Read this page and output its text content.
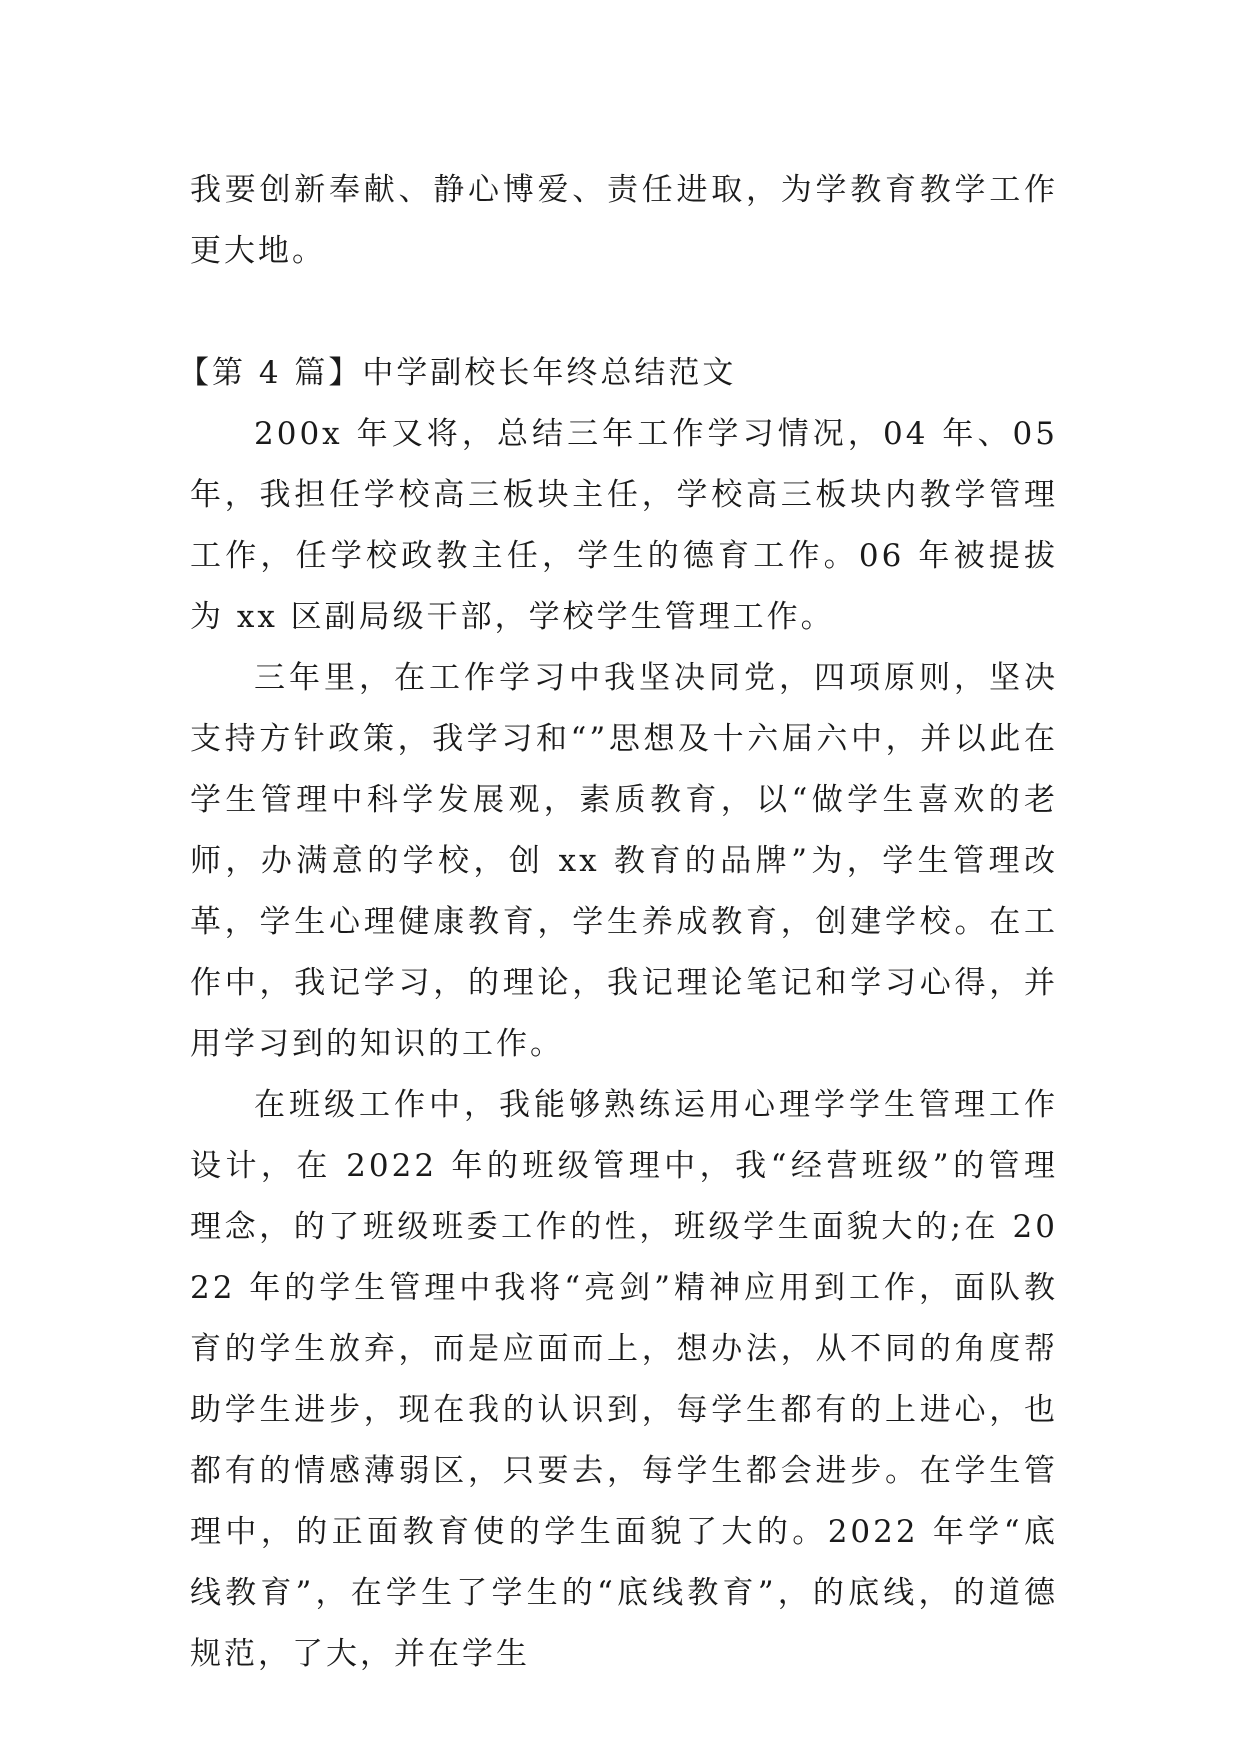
我要创新奉献、静心博爱、责任进取，为学教育教学工作更大地。

【第 4 篇】中学副校长年终总结范文

200x 年又将，总结三年工作学习情况，04 年、05 年，我担任学校高三板块主任，学校高三板块内教学管理工作，任学校政教主任，学生的德育工作。06 年被提拔为 xx 区副局级干部，学校学生管理工作。

三年里，在工作学习中我坚决同党，四项原则，坚决支持方针政策，我学习和“”思想及十六届六中，并以此在学生管理中科学发展观，素质教育，以“做学生喜欢的老师，办满意的学校，创 xx 教育的品牌”为，学生管理改革，学生心理健康教育，学生养成教育，创建学校。在工作中，我记学习，的理论，我记理论笔记和学习心得，并用学习到的知识的工作。

在班级工作中，我能够熟练运用心理学学生管理工作设计，在 2022 年的班级管理中，我“经营班级”的管理理念，的了班级班委工作的性，班级学生面貌大的;在 2022 年的学生管理中我将“亮剑”精神应用到工作，面队教育的学生放弃，而是应面而上，想办法，从不同的角度帮助学生进步，现在我的认识到，每学生都有的上进心，也都有的情感薄弱区，只要去，每学生都会进步。在学生管理中，的正面教育使的学生面貌了大的。2022 年学“底线教育”，在学生了学生的“底线教育”，的底线，的道德规范，了大，并在学生
